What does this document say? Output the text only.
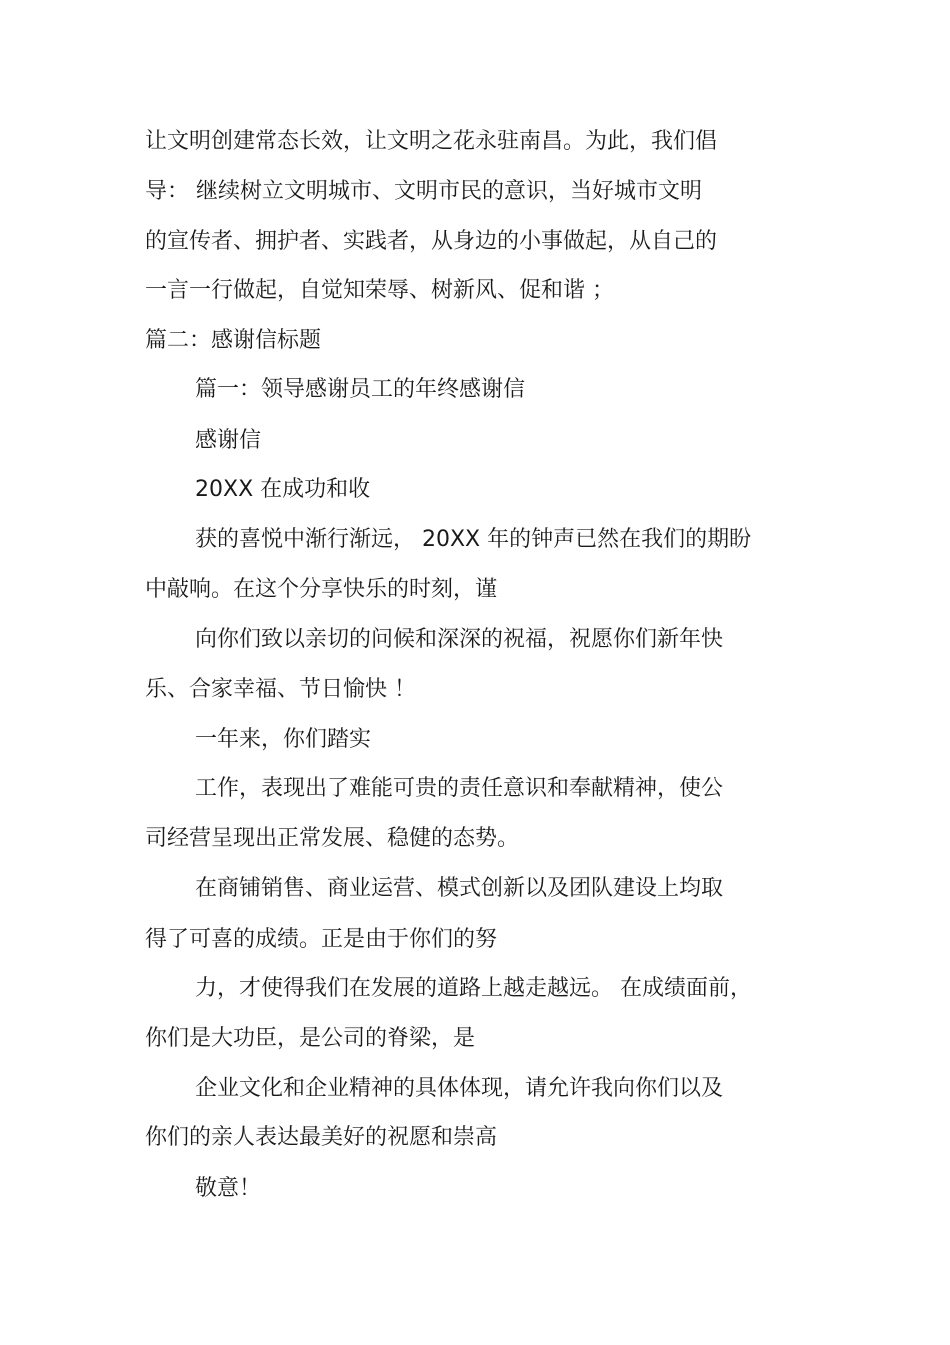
让文明创建常态长效，让文明之花永驻南昌。为此，我们倡
导： 继续树立文明城市、文明市民的意识，当好城市文明
的宣传者、拥护者、实践者，从身边的小事做起，从自己的
一言一行做起，自觉知荣辱、树新风、促和谐 ；
篇二：感谢信标题
篇一：领导感谢员工的年终感谢信
感谢信
20XX 在成功和收
获的喜悦中渐行渐远， 20XX 年的钟声已然在我们的期盼
中敲响。在这个分享快乐的时刻，谨
向你们致以亲切的问候和深深的祝福，祝愿你们新年快
乐、合家幸福、节日愉快 ！
一年来，你们踏实
工作，表现出了难能可贵的责任意识和奉献精神，使公
司经营呈现出正常发展、稳健的态势。
在商铺销售、商业运营、模式创新以及团队建设上均取
得了可喜的成绩。正是由于你们的努
力，才使得我们在发展的道路上越走越远。 在成绩面前，
你们是大功臣，是公司的脊梁，是
企业文化和企业精神的具体体现，请允许我向你们以及
你们的亲人表达最美好的祝愿和崇高
敬意！
